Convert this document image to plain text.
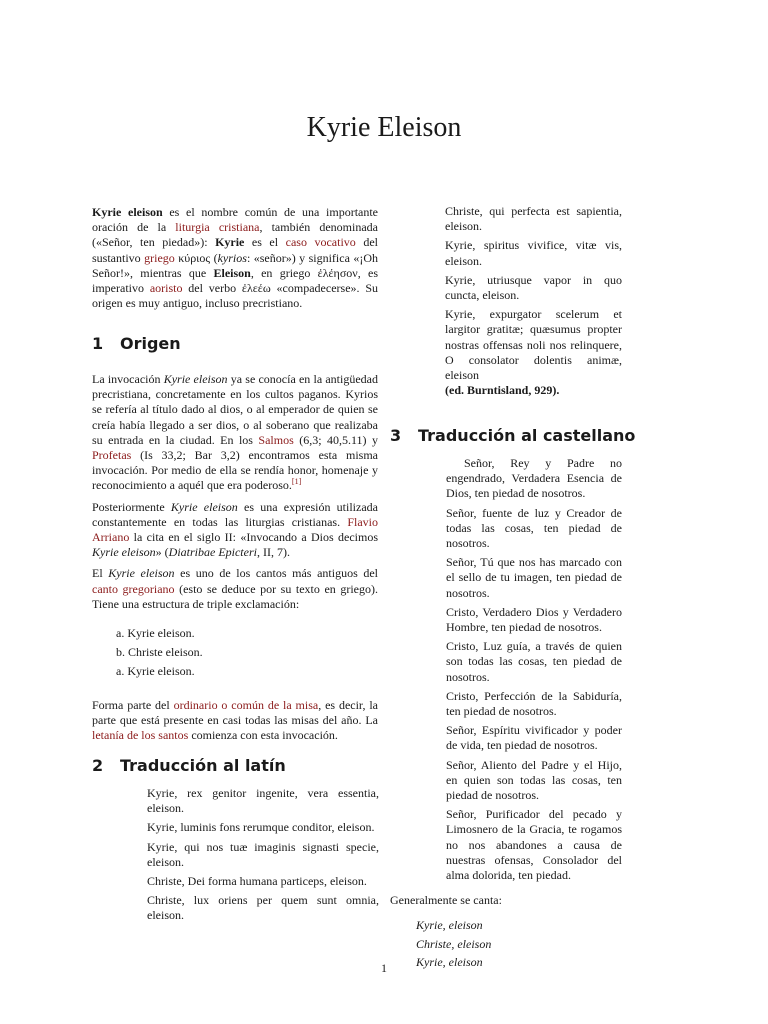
Kyrie Eleison

Kyrie eleison es el nombre común de una importante oración de la liturgia cristiana, también denominada («Señor, ten piedad»): Kyrie es el caso vocativo del sustantivo griego κύριος (kyrios: «señor») y significa «¡Oh Señor!», mientras que Eleison, en griego ἐλέησον, es imperativo aoristo del verbo ἐλεέω «compadecerse». Su origen es muy antiguo, incluso precristiano.

1 Origen

La invocación Kyrie eleison ya se conocía en la antigüedad precristiana, concretamente en los cultos paganos. Kyrios se refería al título dado al dios, o al emperador de quien se creía había llegado a ser dios, o al soberano que realizaba su entrada en la ciudad. En los Salmos (6,3; 40,5.11) y Profetas (Is 33,2; Bar 3,2) encontramos esta misma invocación. Por medio de ella se rendía honor, homenaje y reconocimiento a aquél que era poderoso.[1]

Posteriormente Kyrie eleison es una expresión utilizada constantemente en todas las liturgias cristianas. Flavio Arriano la cita en el siglo II: «Invocando a Dios decimos Kyrie eleison» (Diatribae Epicteri, II, 7).

El Kyrie eleison es uno de los cantos más antiguos del canto gregoriano (esto se deduce por su texto en griego). Tiene una estructura de triple exclamación:

a. Kyrie eleison.
b. Christe eleison.
a. Kyrie eleison.

Forma parte del ordinario o común de la misa, es decir, la parte que está presente en casi todas las misas del año. La letanía de los santos comienza con esta invocación.

2 Traducción al latín

Kyrie, rex genitor ingenite, vera essentia, eleison.

Kyrie, luminis fons rerumque conditor, eleison.

Kyrie, qui nos tuæ imaginis signasti specie, eleison.

Christe, Dei forma humana particeps, eleison.

Christe, lux oriens per quem sunt omnia, eleison.

Christe, qui perfecta est sapientia, eleison.

Kyrie, spiritus vivifice, vitæ vis, eleison.

Kyrie, utriusque vapor in quo cuncta, eleison.

Kyrie, expurgator scelerum et largitor gratitæ; quæsumus propter nostras offensas noli nos relinquere, O consolator dolentis animæ, eleison

(ed. Burntisland, 929).

3 Traducción al castellano

Señor, Rey y Padre no engendrado, Verdadera Esencia de Dios, ten piedad de nosotros.

Señor, fuente de luz y Creador de todas las cosas, ten piedad de nosotros.

Señor, Tú que nos has marcado con el sello de tu imagen, ten piedad de nosotros.

Cristo, Verdadero Dios y Verdadero Hombre, ten piedad de nosotros.

Cristo, Luz guía, a través de quien son todas las cosas, ten piedad de nosotros.

Cristo, Perfección de la Sabiduría, ten piedad de nosotros.

Señor, Espíritu vivificador y poder de vida, ten piedad de nosotros.

Señor, Aliento del Padre y el Hijo, en quien son todas las cosas, ten piedad de nosotros.

Señor, Purificador del pecado y Limosnero de la Gracia, te rogamos no nos abandones a causa de nuestras ofensas, Consolador del alma dolorida, ten piedad.

Generalmente se canta:

Kyrie, eleison

Christe, eleison

Kyrie, eleison

1
